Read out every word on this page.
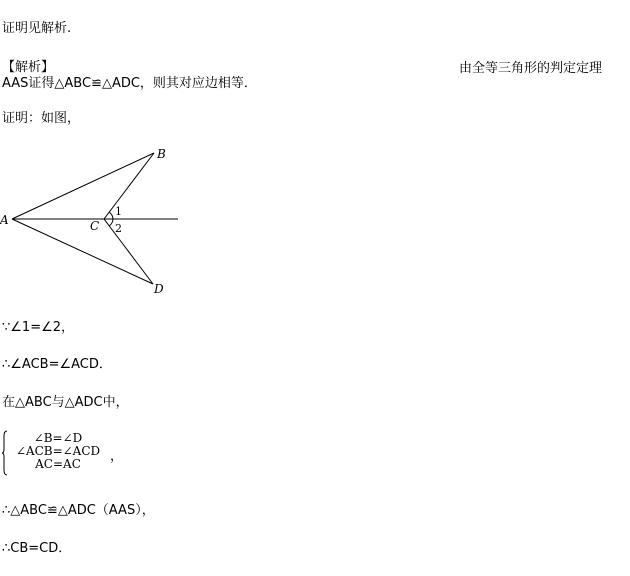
证明见解析.
【解析】	由全等三角形的判定定理
AAS证得△ABC≌△ADC，则其对应边相等．
证明：如图，
A
B
C
D
1
2
∵∠1=∠2，
∴∠ACB=∠ACD．
在△ABC与△ADC中，
∠B=∠D
∠ACB=∠ACD
AC=AC	，
∴△ABC≌△ADC（AAS），
∴CB=CD．
